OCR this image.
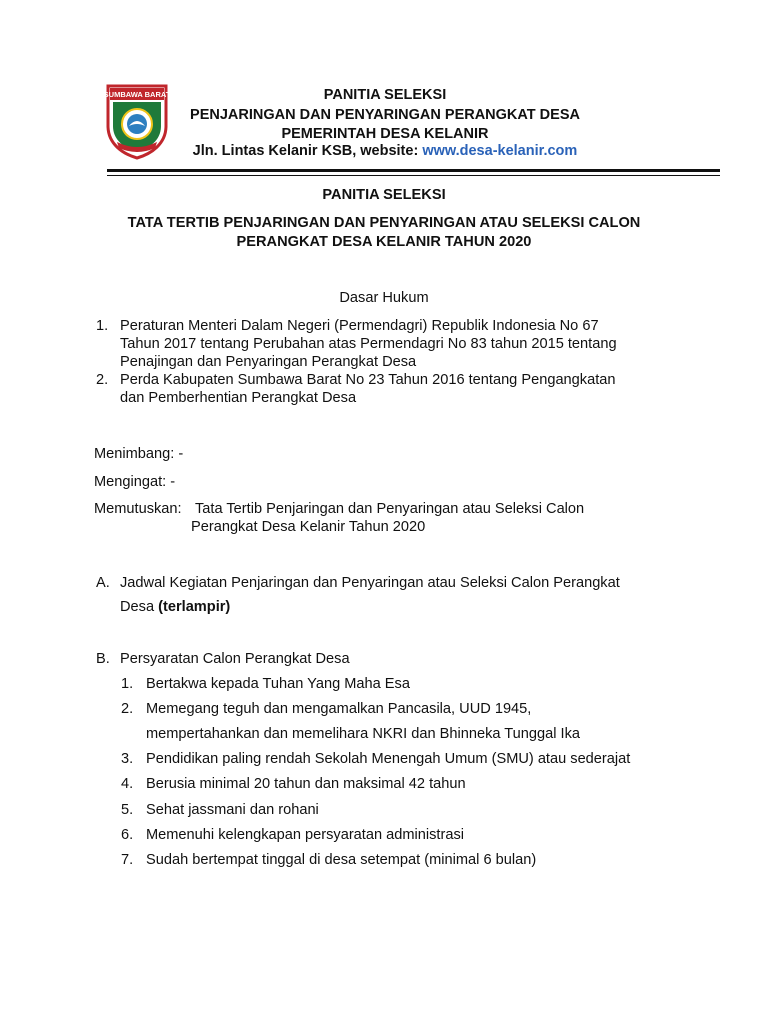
SUMBAWA BARAT	PANITIA SELEKSI
PENJARINGAN DAN PENYARINGAN PERANGKAT DESA
PEMERINTAH DESA KELANIR
Jln. Lintas Kelanir KSB, website: www.desa-kelanir.com
PANITIA SELEKSI
TATA TERTIB PENJARINGAN DAN PENYARINGAN ATAU SELEKSI CALON
PERANGKAT DESA KELANIR TAHUN 2020
Dasar Hukum
1. Peraturan Menteri Dalam Negeri (Permendagri) Republik Indonesia No 67
Tahun 2017 tentang Perubahan atas Permendagri No 83 tahun 2015 tentang
Penajingan dan Penyaringan Perangkat Desa
2. Perda Kabupaten Sumbawa Barat No 23 Tahun 2016 tentang Pengangkatan
dan Pemberhentian Perangkat Desa
Menimbang: -
Mengingat: -
Memutuskan: Tata Tertib Penjaringan dan Penyaringan atau Seleksi Calon
Perangkat Desa Kelanir Tahun 2020
A. Jadwal Kegiatan Penjaringan dan Penyaringan atau Seleksi Calon Perangkat
Desa (terlampir)
B. Persyaratan Calon Perangkat Desa
1. Bertakwa kepada Tuhan Yang Maha Esa
2. Memegang teguh dan mengamalkan Pancasila, UUD 1945,
mempertahankan dan memelihara NKRI dan Bhinneka Tunggal Ika
3. Pendidikan paling rendah Sekolah Menengah Umum (SMU) atau sederajat
4. Berusia minimal 20 tahun dan maksimal 42 tahun
5. Sehat jassmani dan rohani
6. Memenuhi kelengkapan persyaratan administrasi
7. Sudah bertempat tinggal di desa setempat (minimal 6 bulan)
